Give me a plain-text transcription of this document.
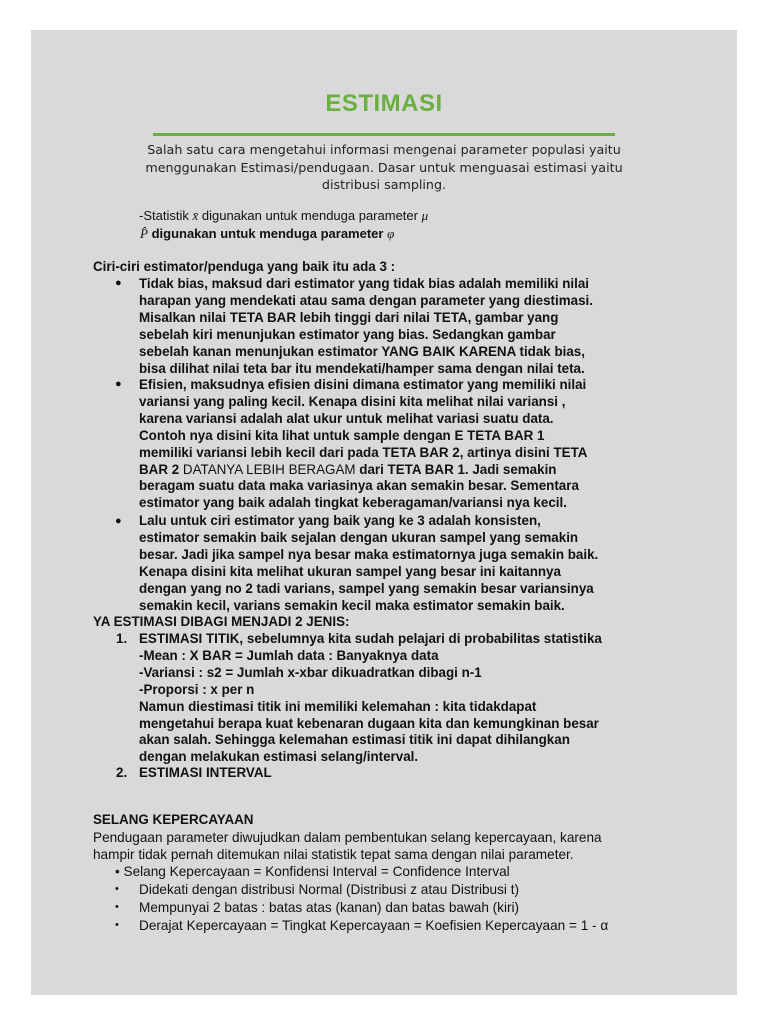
ESTIMASI
Salah satu cara mengetahui informasi mengenai parameter populasi yaitu menggunakan Estimasi/pendugaan. Dasar untuk menguasai estimasi yaitu distribusi sampling.
-Statistik x̄ digunakan untuk menduga parameter μ
P̂ digunakan untuk menduga parameter φ
Ciri-ciri estimator/penduga yang baik itu ada 3 :
● Tidak bias, maksud dari estimator yang tidak bias adalah memiliki nilai
harapan yang mendekati atau sama dengan parameter yang diestimasi.
Misalkan nilai TETA BAR lebih tinggi dari nilai TETA, gambar yang
sebelah kiri menunjukan estimator yang bias. Sedangkan gambar
sebelah kanan menunjukan estimator YANG BAIK KARENA tidak bias,
bisa dilihat nilai teta bar itu mendekati/hamper sama dengan nilai teta.
● Efisien, maksudnya efisien disini dimana estimator yang memiliki nilai
variansi yang paling kecil. Kenapa disini kita melihat nilai variansi ,
karena variansi adalah alat ukur untuk melihat variasi suatu data.
Contoh nya disini kita lihat untuk sample dengan E TETA BAR 1
memiliki variansi lebih kecil dari pada TETA BAR 2, artinya disini TETA
BAR 2 DATANYA LEBIH BERAGAM dari TETA BAR 1. Jadi semakin
beragam suatu data maka variasinya akan semakin besar. Sementara
estimator yang baik adalah tingkat keberagaman/variansi nya kecil.
● Lalu untuk ciri estimator yang baik yang ke 3 adalah konsisten,
estimator semakin baik sejalan dengan ukuran sampel yang semakin
besar. Jadi jika sampel nya besar maka estimatornya juga semakin baik.
Kenapa disini kita melihat ukuran sampel yang besar ini kaitannya
dengan yang no 2 tadi varians, sampel yang semakin besar variansinya
semakin kecil, varians semakin kecil maka estimator semakin baik.
YA ESTIMASI DIBAGI MENJADI 2 JENIS:
1. ESTIMASI TITIK, sebelumnya kita sudah pelajari di probabilitas statistika
-Mean : X BAR = Jumlah data : Banyaknya data
-Variansi : s2 = Jumlah x-xbar dikuadratkan dibagi n-1
-Proporsi : x per n
Namun diestimasi titik ini memiliki kelemahan : kita tidakdapat
mengetahui berapa kuat kebenaran dugaan kita dan kemungkinan besar
akan salah. Sehingga kelemahan estimasi titik ini dapat dihilangkan
dengan melakukan estimasi selang/interval.
2. ESTIMASI INTERVAL
SELANG KEPERCAYAAN
Pendugaan parameter diwujudkan dalam pembentukan selang kepercayaan, karena
hampir tidak pernah ditemukan nilai statistik tepat sama dengan nilai parameter.
• Selang Kepercayaan = Konfidensi Interval = Confidence Interval
• Didekati dengan distribusi Normal (Distribusi z atau Distribusi t)
• Mempunyai 2 batas : batas atas (kanan) dan batas bawah (kiri)
• Derajat Kepercayaan = Tingkat Kepercayaan = Koefisien Kepercayaan = 1 - α
